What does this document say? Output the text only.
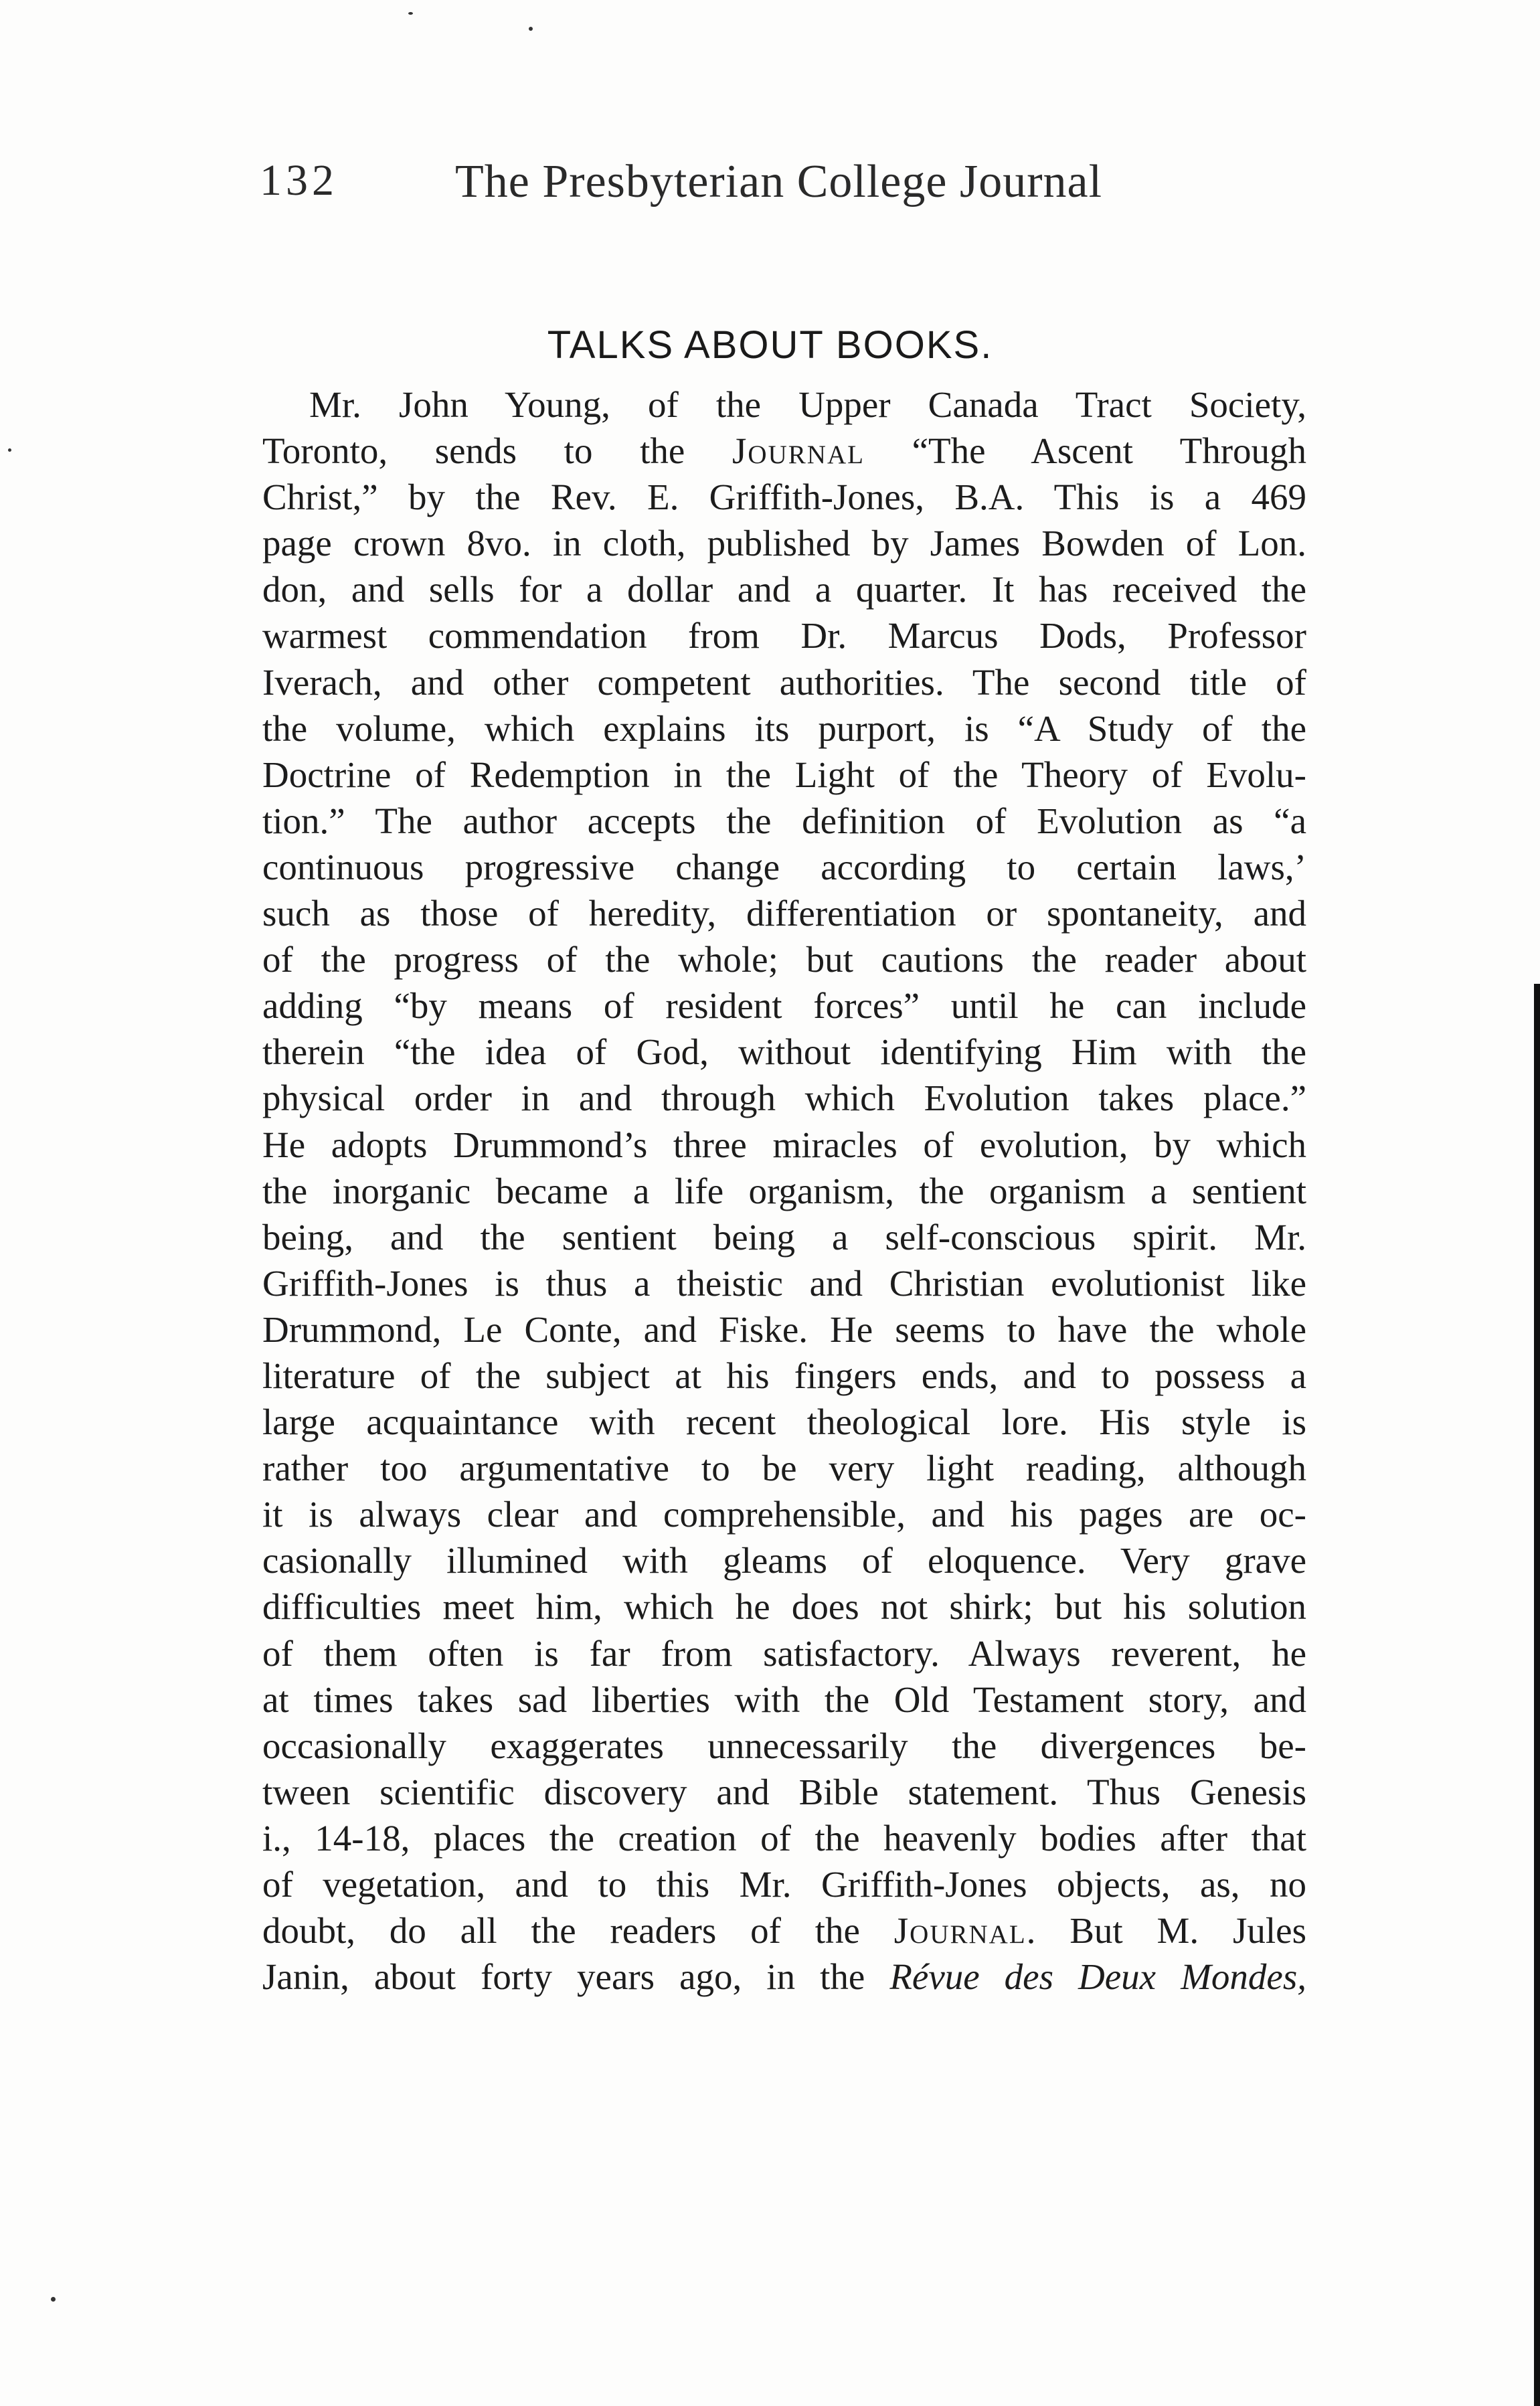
132	The Presbyterian College Journal
TALKS ABOUT BOOKS.
Mr. John Young, of the Upper Canada Tract Society,
Toronto, sends to the Journal “The Ascent Through
Christ,” by the Rev. E. Griffith-Jones, B.A. This is a 469
page crown 8vo. in cloth, published by James Bowden of Lon.
don, and sells for a dollar and a quarter. It has received the
warmest commendation from Dr. Marcus Dods, Professor
Iverach, and other competent authorities. The second title of
the volume, which explains its purport, is “A Study of the
Doctrine of Redemption in the Light of the Theory of Evolu-
tion.” The author accepts the definition of Evolution as “a
continuous progressive change according to certain laws,’
such as those of heredity, differentiation or spontaneity, and
of the progress of the whole; but cautions the reader about
adding “by means of resident forces” until he can include
therein “the idea of God, without identifying Him with the
physical order in and through which Evolution takes place.”
He adopts Drummond’s three miracles of evolution, by which
the inorganic became a life organism, the organism a sentient
being, and the sentient being a self-conscious spirit. Mr.
Griffith-Jones is thus a theistic and Christian evolutionist like
Drummond, Le Conte, and Fiske. He seems to have the whole
literature of the subject at his fingers ends, and to possess a
large acquaintance with recent theological lore. His style is
rather too argumentative to be very light reading, although
it is always clear and comprehensible, and his pages are oc-
casionally illumined with gleams of eloquence. Very grave
difficulties meet him, which he does not shirk; but his solution
of them often is far from satisfactory. Always reverent, he
at times takes sad liberties with the Old Testament story, and
occasionally exaggerates unnecessarily the divergences be-
tween scientific discovery and Bible statement. Thus Genesis
i., 14-18, places the creation of the heavenly bodies after that
of vegetation, and to this Mr. Griffith-Jones objects, as, no
doubt, do all the readers of the Journal. But M. Jules
Janin, about forty years ago, in the Révue des Deux Mondes,
